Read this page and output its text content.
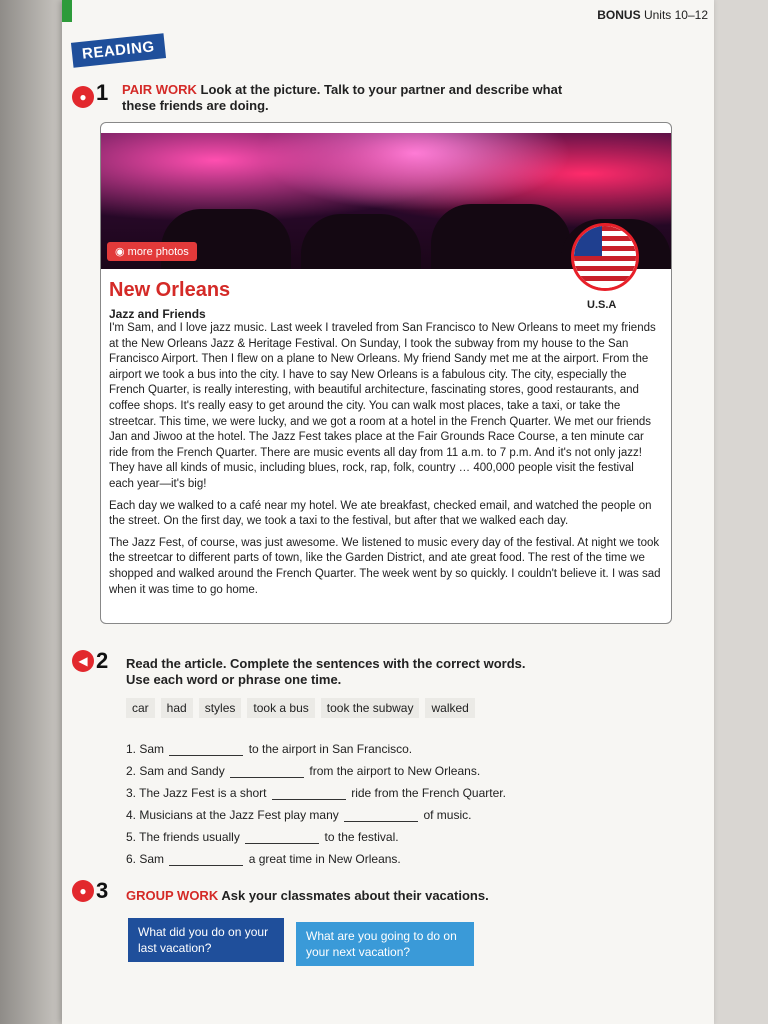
BONUS Units 10–12
READING
● 1 PAIR WORK Look at the picture. Talk to your partner and describe what these friends are doing.
◉ more photos
U.S.A
New Orleans
Jazz and Friends

I'm Sam, and I love jazz music. Last week I traveled from San Francisco to New Orleans to meet my friends at the New Orleans Jazz & Heritage Festival. On Sunday, I took the subway from my house to the San Francisco Airport. Then I flew on a plane to New Orleans. My friend Sandy met me at the airport. From the airport we took a bus into the city. I have to say New Orleans is a fabulous city. The city, especially the French Quarter, is really interesting, with beautiful architecture, fascinating stores, good restaurants, and coffee shops. It's really easy to get around the city. You can walk most places, take a taxi, or take the streetcar. This time, we were lucky, and we got a room at a hotel in the French Quarter. We met our friends Jan and Jiwoo at the hotel. The Jazz Fest takes place at the Fair Grounds Race Course, a ten minute car ride from the French Quarter. There are music events all day from 11 a.m. to 7 p.m. And it's not only jazz! They have all kinds of music, including blues, rock, rap, folk, country … 400,000 people visit the festival each year—it's big!

Each day we walked to a café near my hotel. We ate breakfast, checked email, and watched the people on the street. On the first day, we took a taxi to the festival, but after that we walked each day.

The Jazz Fest, of course, was just awesome. We listened to music every day of the festival. At night we took the streetcar to different parts of town, like the Garden District, and ate great food. The rest of the time we shopped and walked around the French Quarter. The week went by so quickly. I couldn't believe it. I was sad when it was time to go home.

◀ 2 Read the article. Complete the sentences with the correct words.
Use each word or phrase one time.
car	had	styles	took a bus	took the subway	walked
1. Sam	to the airport in San Francisco.
2. Sam and Sandy	from the airport to New Orleans.
3. The Jazz Fest is a short	ride from the French Quarter.
4. Musicians at the Jazz Fest play many	of music.
5. The friends usually	to the festival.
6. Sam	a great time in New Orleans.
● 3 GROUP WORK Ask your classmates about their vacations.
What did you do on your last vacation?
What are you going to do on your next vacation?
